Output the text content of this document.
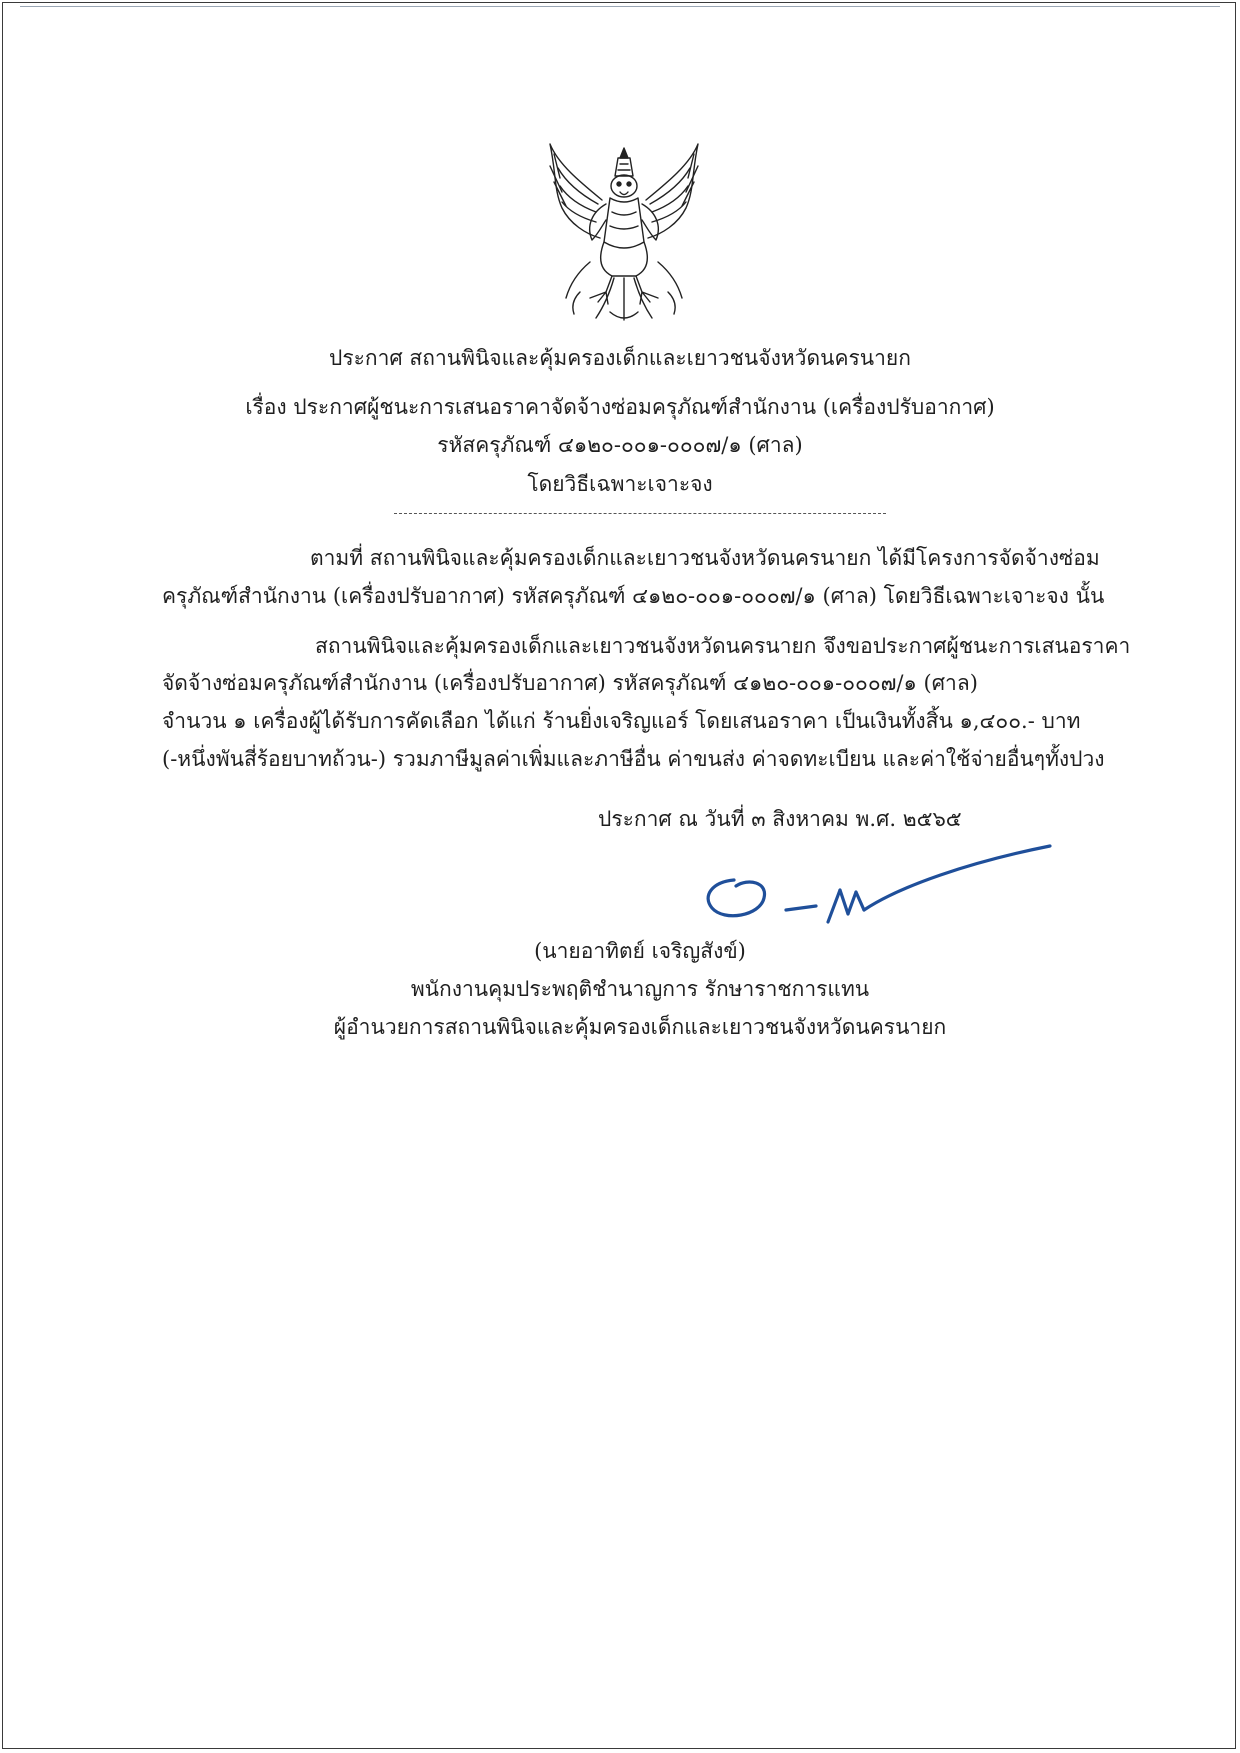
ประกาศ สถานพินิจและคุ้มครองเด็กและเยาวชนจังหวัดนครนายก
เรื่อง ประกาศผู้ชนะการเสนอราคาจัดจ้างซ่อมครุภัณฑ์สำนักงาน (เครื่องปรับอากาศ)
รหัสครุภัณฑ์ ๔๑๒๐-๐๐๑-๐๐๐๗/๑ (ศาล)
โดยวิธีเฉพาะเจาะจง
ตามที่ สถานพินิจและคุ้มครองเด็กและเยาวชนจังหวัดนครนายก ได้มีโครงการจัดจ้างซ่อม
ครุภัณฑ์สำนักงาน (เครื่องปรับอากาศ) รหัสครุภัณฑ์ ๔๑๒๐-๐๐๑-๐๐๐๗/๑ (ศาล) โดยวิธีเฉพาะเจาะจง นั้น
สถานพินิจและคุ้มครองเด็กและเยาวชนจังหวัดนครนายก จึงขอประกาศผู้ชนะการเสนอราคา
จัดจ้างซ่อมครุภัณฑ์สำนักงาน (เครื่องปรับอากาศ) รหัสครุภัณฑ์ ๔๑๒๐-๐๐๑-๐๐๐๗/๑ (ศาล)
จำนวน ๑ เครื่องผู้ได้รับการคัดเลือก ได้แก่ ร้านยิ่งเจริญแอร์ โดยเสนอราคา เป็นเงินทั้งสิ้น ๑,๔๐๐.- บาท
(-หนึ่งพันสี่ร้อยบาทถ้วน-) รวมภาษีมูลค่าเพิ่มและภาษีอื่น ค่าขนส่ง ค่าจดทะเบียน และค่าใช้จ่ายอื่นๆทั้งปวง
ประกาศ ณ วันที่ ๓ สิงหาคม พ.ศ. ๒๕๖๕
(นายอาทิตย์ เจริญสังข์)
พนักงานคุมประพฤติชำนาญการ รักษาราชการแทน
ผู้อำนวยการสถานพินิจและคุ้มครองเด็กและเยาวชนจังหวัดนครนายก
